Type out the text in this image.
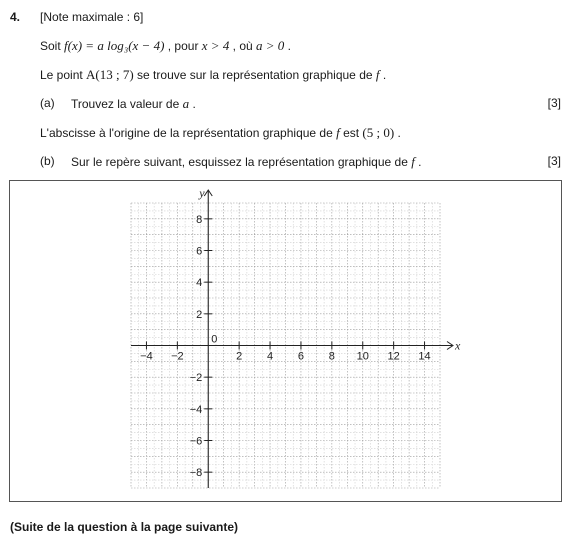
4. [Note maximale : 6]
Soit f(x) = a log₃(x − 4) , pour x > 4 , où a > 0 .
Le point A(13 ; 7) se trouve sur la représentation graphique de f .
(a) Trouvez la valeur de a .	[3]
L'abscisse à l'origine de la représentation graphique de f est (5 ; 0) .
(b) Sur le repère suivant, esquissez la représentation graphique de f .	[3]
x
y
−4 −2	2 4 6 8 10 12 14
−8
−6
−4
−2
2
4
6
8
0
(Suite de la question à la page suivante)
